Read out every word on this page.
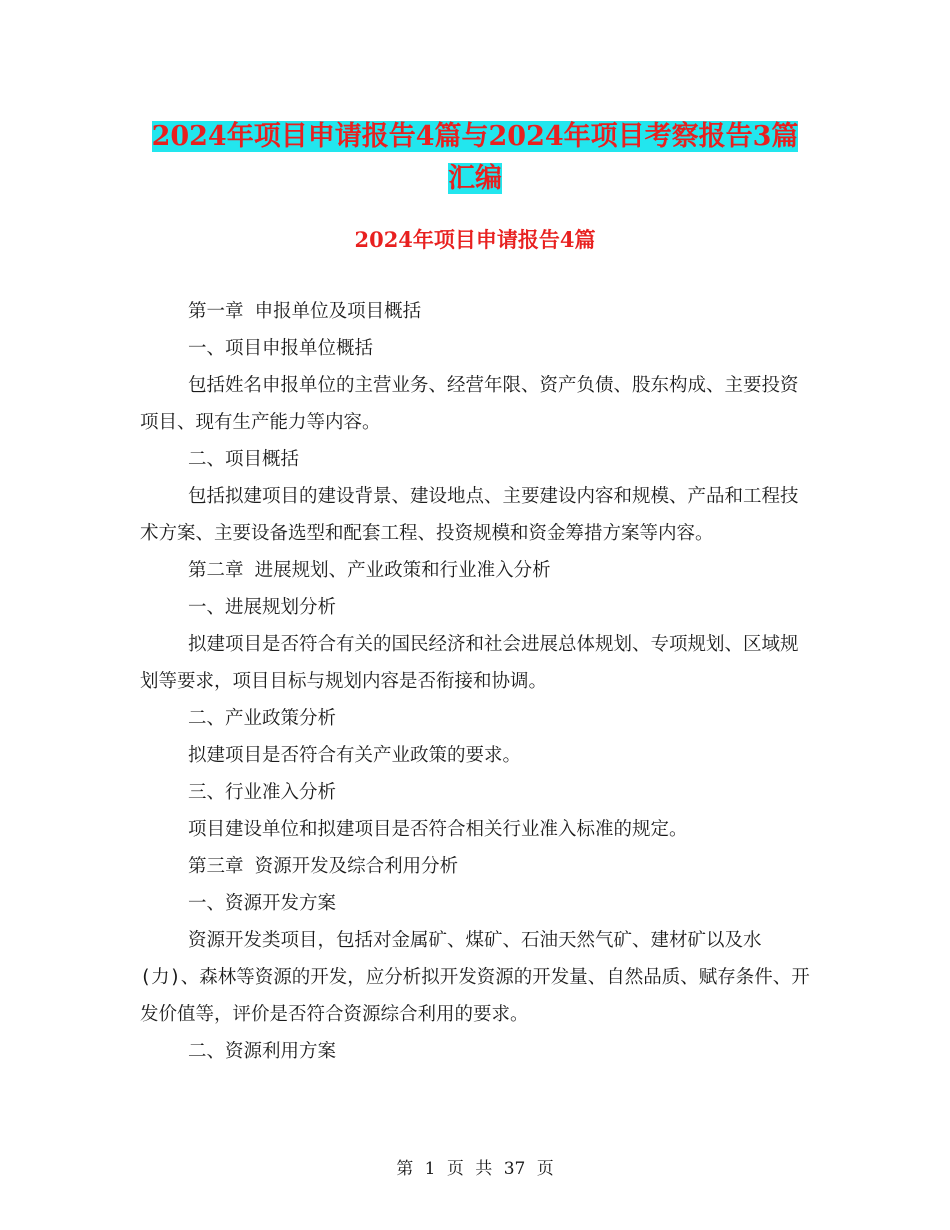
2024年项目申请报告4篇与2024年项目考察报告3篇
汇编
2024年项目申请报告4篇

第一章 申报单位及项目概括

一、项目申报单位概括

包括姓名申报单位的主营业务、经营年限、资产负债、股东构成、主要投资项目、现有生产能力等内容。

二、项目概括

包括拟建项目的建设背景、建设地点、主要建设内容和规模、产品和工程技术方案、主要设备选型和配套工程、投资规模和资金筹措方案等内容。

第二章 进展规划、产业政策和行业准入分析

一、进展规划分析

拟建项目是否符合有关的国民经济和社会进展总体规划、专项规划、区域规划等要求，项目目标与规划内容是否衔接和协调。

二、产业政策分析

拟建项目是否符合有关产业政策的要求。

三、行业准入分析

项目建设单位和拟建项目是否符合相关行业准入标准的规定。

第三章 资源开发及综合利用分析

一、资源开发方案

资源开发类项目，包括对金属矿、煤矿、石油天然气矿、建材矿以及水(力)、森林等资源的开发，应分析拟开发资源的开发量、自然品质、赋存条件、开发价值等，评价是否符合资源综合利用的要求。

二、资源利用方案

第 1 页 共 37 页
